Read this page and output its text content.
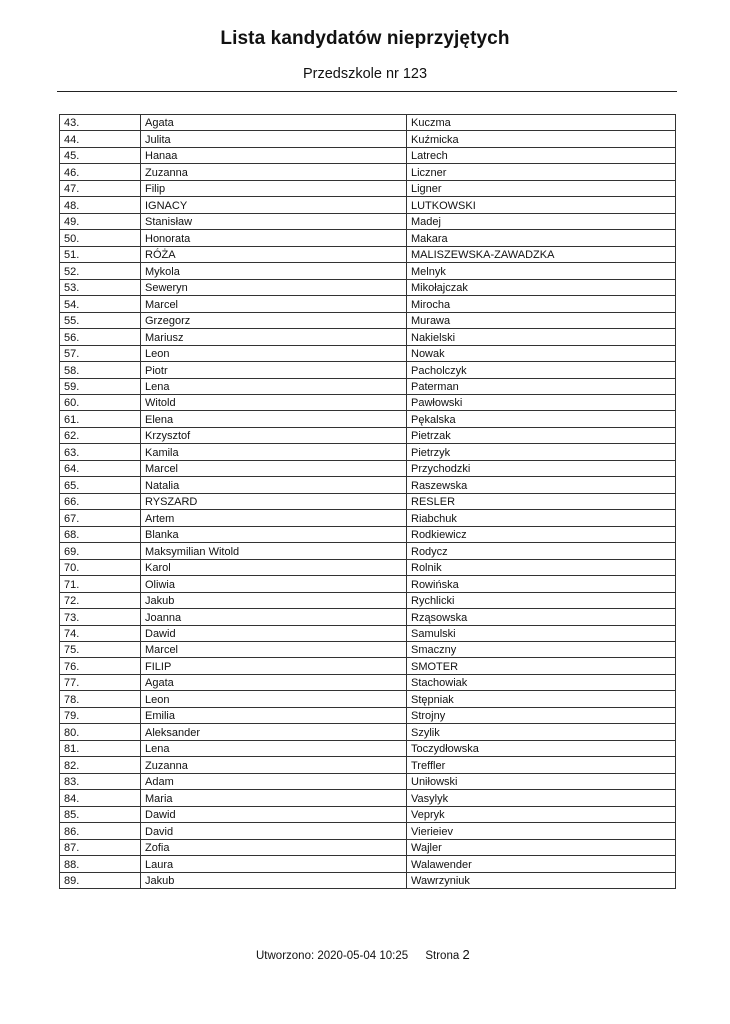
Lista kandydatów nieprzyjętych
Przedszkole nr 123
43.	Agata	Kuczma
44.	Julita	Kuźmicka
45.	Hanaa	Latrech
46.	Zuzanna	Liczner
47.	Filip	Ligner
48.	IGNACY	LUTKOWSKI
49.	Stanisław	Madej
50.	Honorata	Makara
51.	RÓŻA	MALISZEWSKA-ZAWADZKA
52.	Mykola	Melnyk
53.	Seweryn	Mikołajczak
54.	Marcel	Mirocha
55.	Grzegorz	Murawa
56.	Mariusz	Nakielski
57.	Leon	Nowak
58.	Piotr	Pacholczyk
59.	Lena	Paterman
60.	Witold	Pawłowski
61.	Elena	Pękalska
62.	Krzysztof	Pietrzak
63.	Kamila	Pietrzyk
64.	Marcel	Przychodzki
65.	Natalia	Raszewska
66.	RYSZARD	RESLER
67.	Artem	Riabchuk
68.	Blanka	Rodkiewicz
69.	Maksymilian Witold	Rodycz
70.	Karol	Rolnik
71.	Oliwia	Rowińska
72.	Jakub	Rychlicki
73.	Joanna	Rząsowska
74.	Dawid	Samulski
75.	Marcel	Smaczny
76.	FILIP	SMOTER
77.	Agata	Stachowiak
78.	Leon	Stępniak
79.	Emilia	Strojny
80.	Aleksander	Szylik
81.	Lena	Toczydłowska
82.	Zuzanna	Treffler
83.	Adam	Uniłowski
84.	Maria	Vasylyk
85.	Dawid	Vepryk
86.	David	Vierieiev
87.	Zofia	Wajler
88.	Laura	Walawender
89.	Jakub	Wawrzyniuk
Utworzono: 2020-05-04 10:25 Strona 2
